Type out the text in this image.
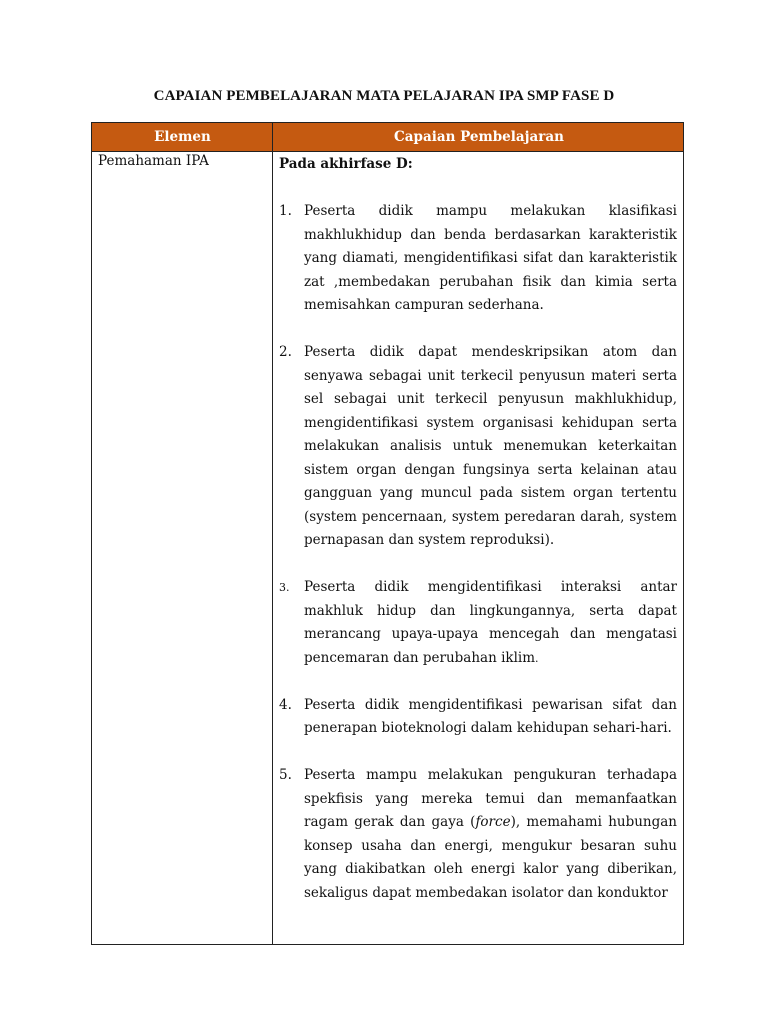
CAPAIAN PEMBELAJARAN MATA PELAJARAN IPA SMP FASE D
Elemen	Capaian Pembelajaran
Pemahaman IPA	Pada akhirfase D:

1. Peserta didik mampu melakukan klasifikasi makhlukhidup dan benda berdasarkan karakteristik yang diamati, mengidentifikasi sifat dan karakteristik zat ,membedakan perubahan fisik dan kimia serta memisahkan campuran sederhana.
2. Peserta didik dapat mendeskripsikan atom dan senyawa sebagai unit terkecil penyusun materi serta sel sebagai unit terkecil penyusun makhlukhidup, mengidentifikasi system organisasi kehidupan serta melakukan analisis untuk menemukan keterkaitan sistem organ dengan fungsinya serta kelainan atau gangguan yang muncul pada sistem organ tertentu (system pencernaan, system peredaran darah, system pernapasan dan system reproduksi).
3. Peserta didik mengidentifikasi interaksi antar makhluk hidup dan lingkungannya, serta dapat merancang upaya-upaya mencegah dan mengatasi pencemaran dan perubahan iklim.
4. Peserta didik mengidentifikasi pewarisan sifat dan penerapan bioteknologi dalam kehidupan sehari-hari.
5. Peserta mampu melakukan pengukuran terhadapa spekfisis yang mereka temui dan memanfaatkan ragam gerak dan gaya (force), memahami hubungan konsep usaha dan energi, mengukur besaran suhu yang diakibatkan oleh energi kalor yang diberikan, sekaligus dapat membedakan isolator dan konduktor
